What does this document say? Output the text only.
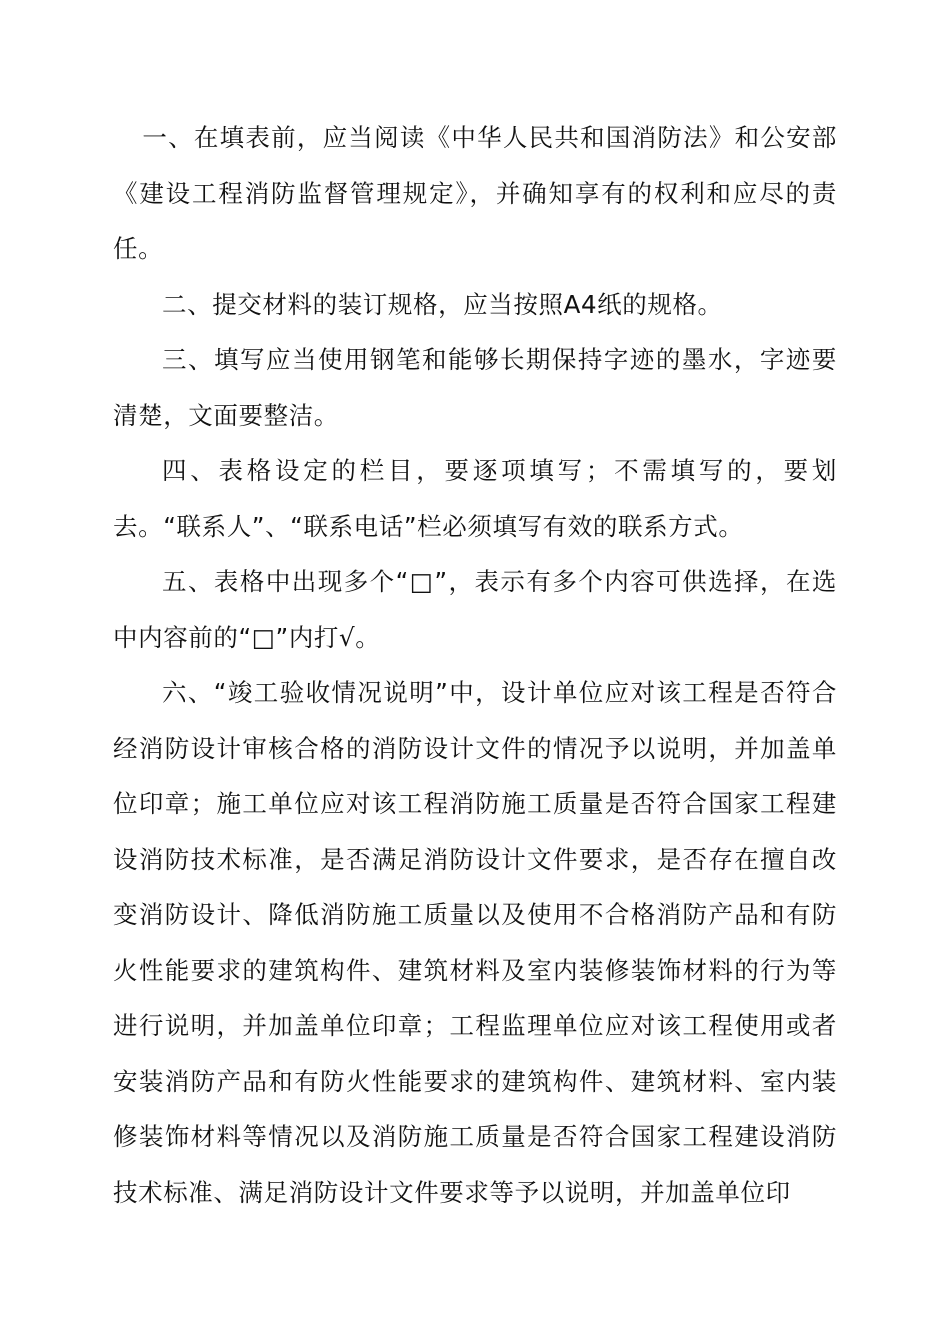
一、在填表前，应当阅读《中华人民共和国消防法》和公安部《建设工程消防监督管理规定》，并确知享有的权利和应尽的责任。

二、提交材料的装订规格，应当按照A4纸的规格。

三、填写应当使用钢笔和能够长期保持字迹的墨水，字迹要清楚，文面要整洁。

四、表格设定的栏目，要逐项填写；不需填写的，要划去。“联系人”、“联系电话”栏必须填写有效的联系方式。

五、表格中出现多个“□”，表示有多个内容可供选择，在选中内容前的“□”内打√。

六、“竣工验收情况说明”中，设计单位应对该工程是否符合经消防设计审核合格的消防设计文件的情况予以说明，并加盖单位印章；施工单位应对该工程消防施工质量是否符合国家工程建设消防技术标准，是否满足消防设计文件要求，是否存在擅自改变消防设计、降低消防施工质量以及使用不合格消防产品和有防火性能要求的建筑构件、建筑材料及室内装修装饰材料的行为等进行说明，并加盖单位印章；工程监理单位应对该工程使用或者安装消防产品和有防火性能要求的建筑构件、建筑材料、室内装修装饰材料等情况以及消防施工质量是否符合国家工程建设消防技术标准、满足消防设计文件要求等予以说明，并加盖单位印
